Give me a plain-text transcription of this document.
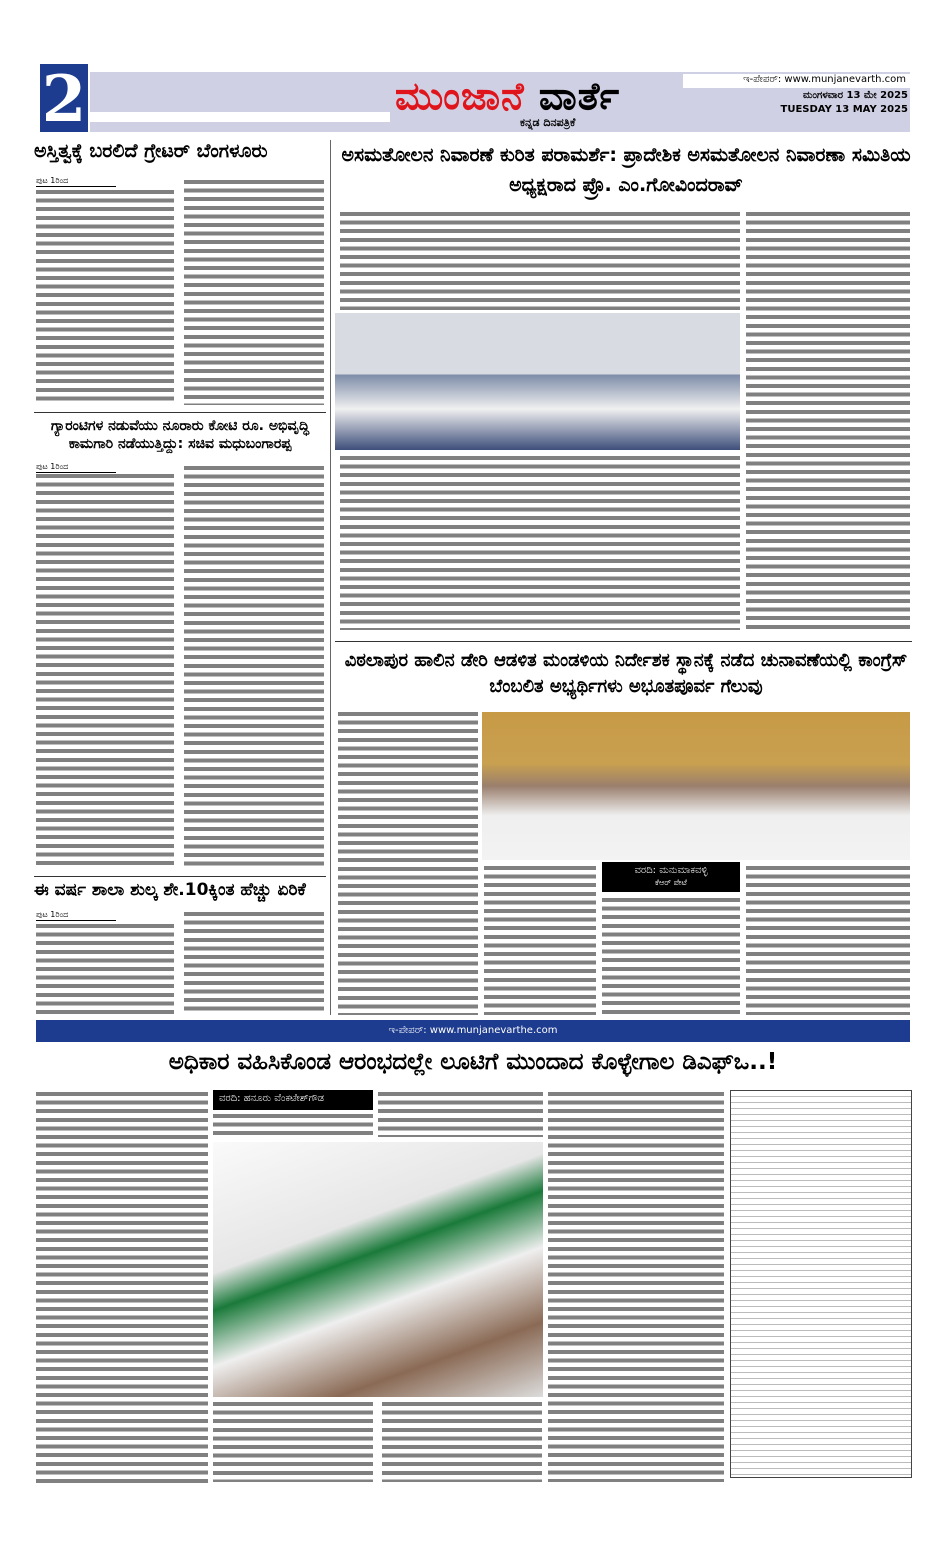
2	ಮುಂಜಾನೆ ವಾರ್ತೆ
ಕನ್ನಡ ದಿನಪತ್ರಿಕೆ
ಇ-ಪೇಪರ್: www.munjanevarth.com
ಮಂಗಳವಾರ 13 ಮೇ 2025
TUESDAY 13 MAY 2025
ಅಸ್ತಿತ್ವಕ್ಕೆ ಬರಲಿದೆ ಗ್ರೇಟರ್ ಬೆಂಗಳೂರು
ಪುಟ 1ರಿಂದ
ಗ್ಯಾರಂಟಿಗಳ ನಡುವೆಯು ನೂರಾರು ಕೋಟಿ ರೂ. ಅಭಿವೃದ್ಧಿ ಕಾಮಗಾರಿ ನಡೆಯುತ್ತಿದ್ದು: ಸಚಿವ ಮಧುಬಂಗಾರಪ್ಪ
ಪುಟ 1ರಿಂದ
ಈ ವರ್ಷ ಶಾಲಾ ಶುಲ್ಕ ಶೇ.10ಕ್ಕಿಂತ ಹೆಚ್ಚು ಏರಿಕೆ
ಪುಟ 1ರಿಂದ
ಅಸಮತೋಲನ ನಿವಾರಣೆ ಕುರಿತ ಪರಾಮರ್ಶೆ: ಪ್ರಾದೇಶಿಕ ಅಸಮತೋಲನ ನಿವಾರಣಾ ಸಮಿತಿಯ ಅಧ್ಯಕ್ಷರಾದ ಪ್ರೊ. ಎಂ.ಗೋವಿಂದರಾವ್
ವಿಠಲಾಪುರ ಹಾಲಿನ ಡೇರಿ ಆಡಳಿತ ಮಂಡಳಿಯ ನಿರ್ದೇಶಕ ಸ್ಥಾನಕ್ಕೆ ನಡೆದ ಚುನಾವಣೆಯಲ್ಲಿ ಕಾಂಗ್ರೆಸ್ ಬೆಂಬಲಿತ ಅಭ್ಯರ್ಥಿಗಳು ಅಭೂತಪೂರ್ವ ಗೆಲುವು
ವರದಿ: ಮನುಮಾಕವಳ್ಳಿ
ಕೆಆರ್ ಪೇಟೆ
ಇ-ಪೇಪರ್: www.munjanevarthe.com
ಅಧಿಕಾರ ವಹಿಸಿಕೊಂಡ ಆರಂಭದಲ್ಲೇ ಲೂಟಿಗೆ ಮುಂದಾದ ಕೊಳ್ಳೇಗಾಲ ಡಿಎಫ್‌ಒ..!
ವರದಿ: ಹನೂರು ವೆಂಕಟೇಶ್‌ಗೌಡ
